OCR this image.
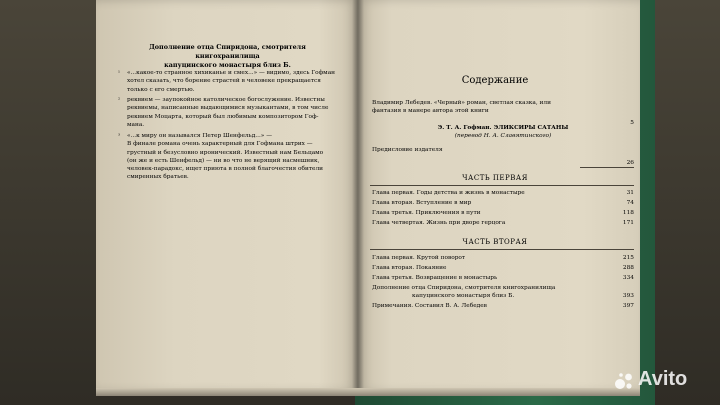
Дополнение отца Спиридона, смотрителя книгохранилища
капуцинского монастыря близ Б.
¹ «...какое-то странное хихиканье и смех...» — видимо, здесь Гофман
хотел сказать, что борение страстей в человеке прекращается
только с его смертью.
² реквием — заупокойное католическое богослужение. Известны
реквиемы, написанные выдающимися музыкантами, в том числе
реквием Моцарта, который был любимым композитором Гоф-
мана.
³ «...к миру он назывался Петер Шенфельд...» —
В финале романа очень характерный для Гофмана штрих —
грустный и безусловно иронический. Известный нам Бельцамо
(он же и есть Шенфельд) — ни во что не верящий насмешник,
человек-парадокс, ищет приюта в полной благочестия обители
смиренных братьев.
Содержание
Владимир Лебедев. «Черный» роман, светлая сказка, или
фантазия в манере автора этой книги
5
Э. Т. А. Гофман. ЭЛИКСИРЫ САТАНЫ
(перевод Н. А. Славятинского)
Предисловие издателя
26
ЧАСТЬ ПЕРВАЯ
Глава первая. Годы детства и жизнь в монастыре	31
Глава вторая. Вступление в мир	74
Глава третья. Приключения в пути	118
Глава четвертая. Жизнь при дворе герцога	171
ЧАСТЬ ВТОРАЯ
Глава первая. Крутой поворот	215
Глава вторая. Покаяние	288
Глава третья. Возвращение в монастырь	334
Дополнение отца Спиридона, смотрителя книгохранилища
капуцинского монастыря близ Б.	393
Примечания. Составил В. А. Лебедев	397
Avito
